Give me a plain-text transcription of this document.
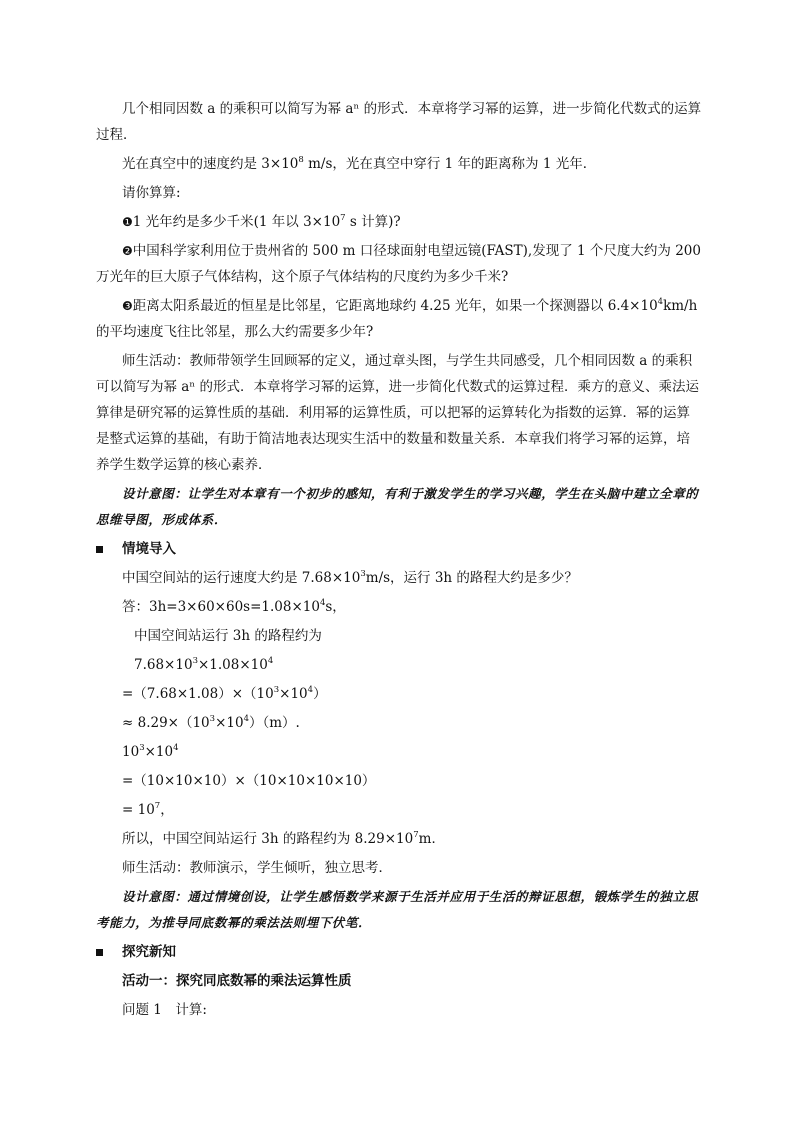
几个相同因数 a 的乘积可以简写为幂 aⁿ 的形式．本章将学习幂的运算，进一步简化代数式的运算过程．

光在真空中的速度约是 $3\times 10^8$ m/s，光在真空中穿行 1 年的距离称为 1 光年．

请你算算:

❶1 光年约是多少千米(1 年以 $3\times 10^7$ s 计算)?

❷中国科学家利用位于贵州省的 500 m 口径球面射电望远镜(FAST),发现了 1 个尺度大约为 200 万光年的巨大原子气体结构，这个原子气体结构的尺度约为多少千米?

❸距离太阳系最近的恒星是比邻星，它距离地球约 4.25 光年，如果一个探测器以 $6.4\times 10^4km/h$ 的平均速度飞往比邻星，那么大约需要多少年?

师生活动：教师带领学生回顾幂的定义，通过章头图，与学生共同感受，几个相同因数 a 的乘积可以简写为幂 aⁿ 的形式．本章将学习幂的运算，进一步简化代数式的运算过程．乘方的意义、乘法运算律是研究幂的运算性质的基础．利用幂的运算性质，可以把幂的运算转化为指数的运算．幂的运算是整式运算的基础，有助于简洁地表达现实生活中的数量和数量关系．本章我们将学习幂的运算，培养学生数学运算的核心素养．

设计意图：让学生对本章有一个初步的感知，有利于激发学生的学习兴趣，学生在头脑中建立全章的思维导图，形成体系．

情境导入

中国空间站的运行速度大约是 $7.68\times 10^3m/s$，运行 3h 的路程大约是多少？

答：$3h=3\times 60\times 60s=1.08\times 10^4s$，

中国空间站运行 3h 的路程约为

$7.68\times 10^3\times 1.08\times 10^4$

$=(7.68\times 1.08)\times(10^3\times 10^4)$

≈ $8.29\times(10^3\times 10^4)(m)$.

$10^3\times 10^4$

=（10×10×10）×（10×10×10×10）

= $10^7$，

所以，中国空间站运行 3h 的路程约为 $8.29\times 10^7m$．

师生活动：教师演示，学生倾听，独立思考．

设计意图：通过情境创设，让学生感悟数学来源于生活并应用于生活的辩证思想，锻炼学生的独立思考能力，为推导同底数幂的乘法法则埋下伏笔．

探究新知

活动一：探究同底数幂的乘法运算性质

问题 1　计算:
